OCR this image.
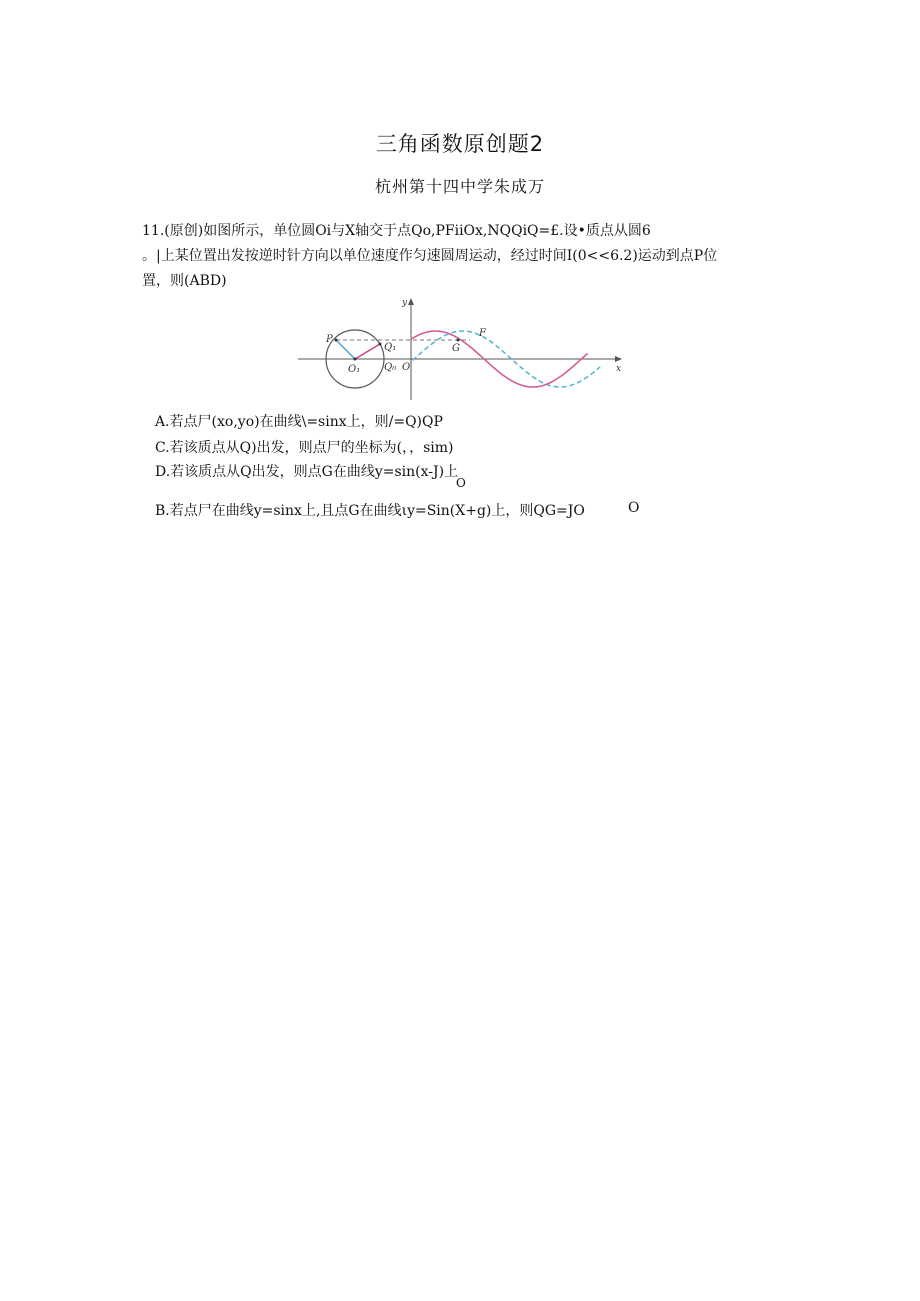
三角函数原创题2
杭州第十四中学朱成万
11.(原创)如图所示，单位圆Oi与X轴交于点Qo,PFiiOx,NQQiQ=£.设•质点从圆6
。|上某位置出发按逆时针方向以单位速度作匀速圆周运动，经过时间I(0<<6.2)运动到点P位
置，则(ABD)
y
x
P
Q₁
O₁ Q₀ O
F
G
A.若点尸(xo,yo)在曲线\=sinx上，则/=Q)QP
C.若该质点从Q)出发，则点尸的坐标为(，，sim)
D.若该质点从Q出发，则点G在曲线y=sin(x-J)上
O
B.若点尸在曲线y=sinx上,且点G在曲线ιy=Sin(X+g)上，则QG=JO	O
